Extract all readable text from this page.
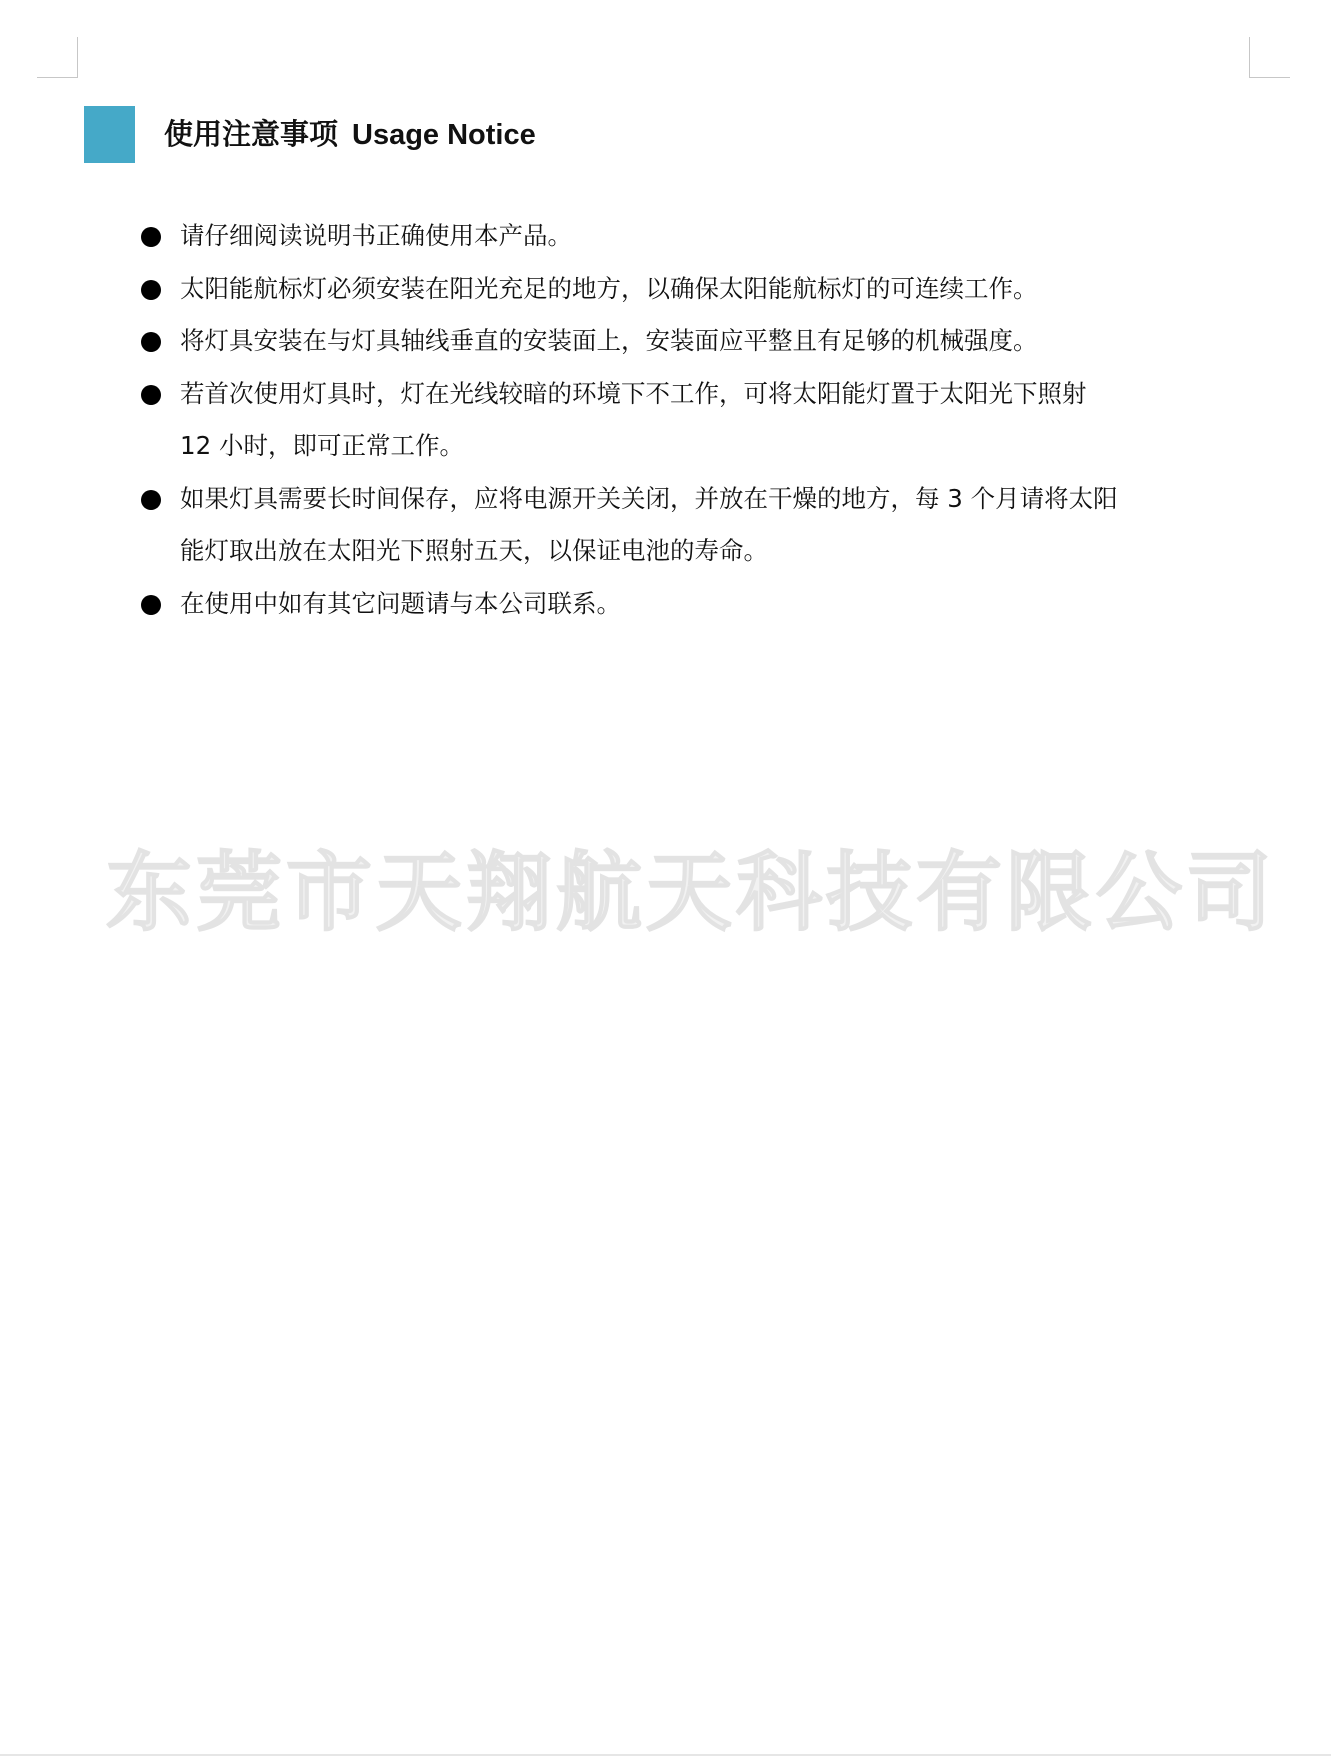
使用注意事项 Usage Notice
请仔细阅读说明书正确使用本产品。
太阳能航标灯必须安装在阳光充足的地方，以确保太阳能航标灯的可连续工作。
将灯具安装在与灯具轴线垂直的安装面上，安装面应平整且有足够的机械强度。
若首次使用灯具时，灯在光线较暗的环境下不工作，可将太阳能灯置于太阳光下照射
12 小时，即可正常工作。
如果灯具需要长时间保存，应将电源开关关闭，并放在干燥的地方，每 3 个月请将太阳
能灯取出放在太阳光下照射五天，以保证电池的寿命。
在使用中如有其它问题请与本公司联系。
东莞市天翔航天科技有限公司
